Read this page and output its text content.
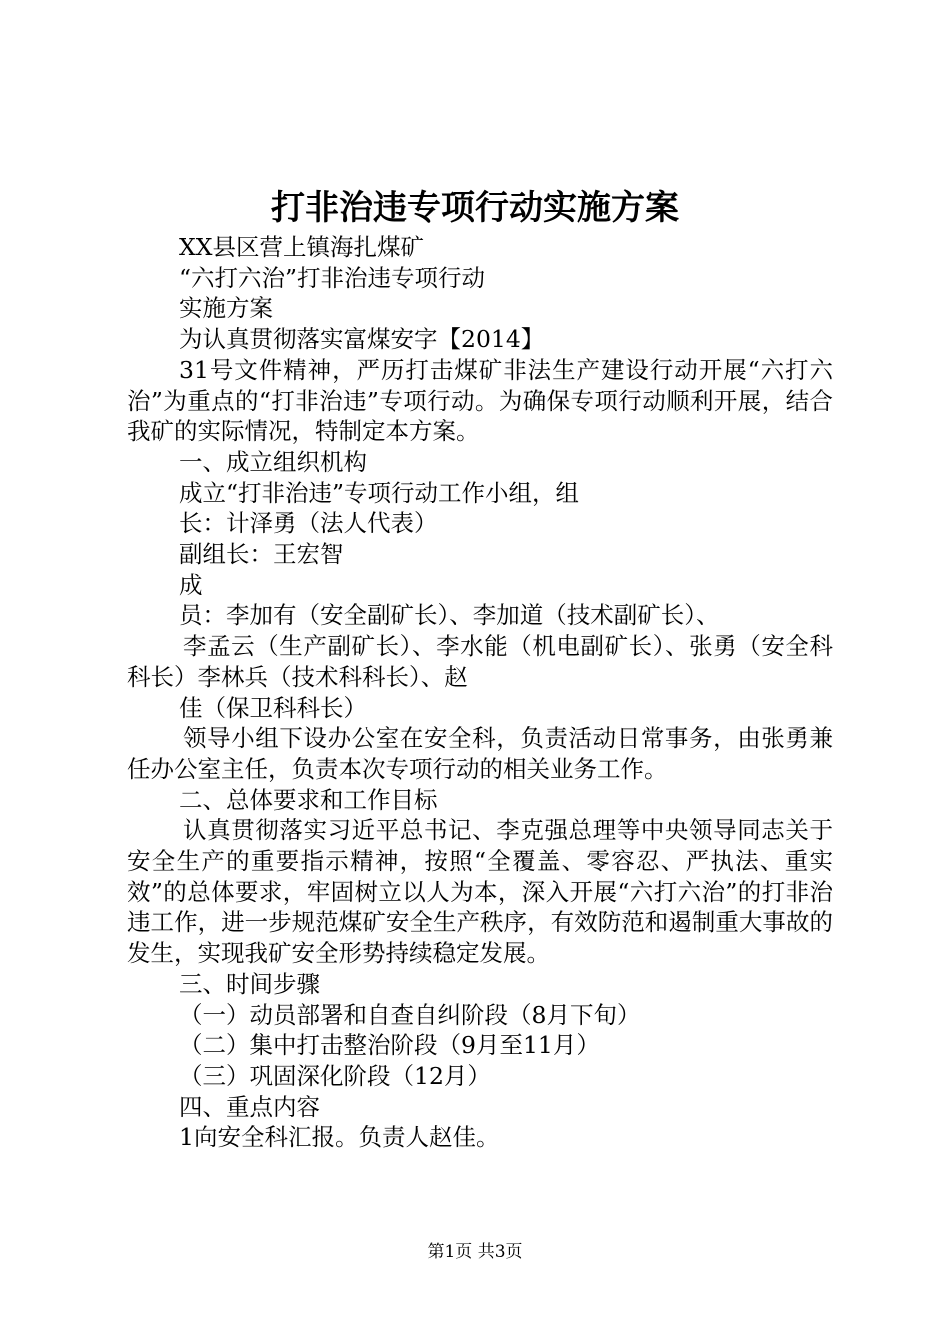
打非治违专项行动实施方案

XX县区营上镇海扎煤矿

“六打六治”打非治违专项行动

实施方案

为认真贯彻落实富煤安字【2014】

31号文件精神，严历打击煤矿非法生产建设行动开展“六打六治”为重点的“打非治违”专项行动。为确保专项行动顺利开展，结合我矿的实际情况，特制定本方案。

一、成立组织机构

成立“打非治违”专项行动工作小组，组

长：计泽勇（法人代表）

副组长：王宏智

成

员：李加有（安全副矿长）、李加道（技术副矿长）、

李孟云（生产副矿长）、李水能（机电副矿长）、张勇（安全科科长）李林兵（技术科科长）、赵

佳（保卫科科长）

领导小组下设办公室在安全科，负责活动日常事务，由张勇兼任办公室主任，负责本次专项行动的相关业务工作。

二、总体要求和工作目标

认真贯彻落实习近平总书记、李克强总理等中央领导同志关于安全生产的重要指示精神，按照“全覆盖、零容忍、严执法、重实效”的总体要求，牢固树立以人为本，深入开展“六打六治”的打非治违工作，进一步规范煤矿安全生产秩序，有效防范和遏制重大事故的发生，实现我矿安全形势持续稳定发展。

三、时间步骤

（一）动员部署和自查自纠阶段（8月下旬）

（二）集中打击整治阶段（9月至11月）

（三）巩固深化阶段（12月）

四、重点内容

1向安全科汇报。负责人赵佳。

第1页 共3页
